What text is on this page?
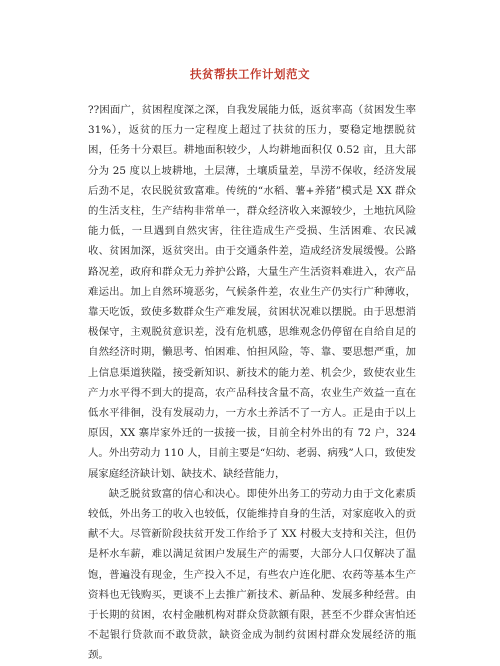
扶贫帮扶工作计划范文

??困面广，贫困程度深之深，自我发展能力低，返贫率高（贫困发生率 31%），返贫的压力一定程度上超过了扶贫的压力，要稳定地摆脱贫困，任务十分艰巨。耕地面积较少，人均耕地面积仅 0.52 亩，且大部分为 25 度以上坡耕地，土层薄，土壤质量差，旱涝不保收，经济发展后劲不足，农民脱贫致富难。传统的“水稻、薯+养猪”模式是 XX 群众的生活支柱，生产结构非常单一，群众经济收入来源较少，土地抗风险能力低，一旦遇到自然灾害，往往造成生产受损、生活困难、农民减收、贫困加深，返贫突出。由于交通条件差，造成经济发展缓慢。公路路况差，政府和群众无力养护公路，大量生产生活资料难进入，农产品难运出。加上自然环境恶劣，气候条件差，农业生产仍实行广种薄收，靠天吃饭，致使多数群众生产难发展，贫困状况难以摆脱。由于思想消极保守，主观脱贫意识差，没有危机感，思维观念仍停留在自给自足的自然经济时期，懒思考、怕困难、怕担风险，等、靠、要思想严重，加上信息渠道狭隘，接受新知识、新技术的能力差、机会少，致使农业生产力水平得不到大的提高，农产品科技含量不高，农业生产效益一直在低水平徘徊，没有发展动力，一方水土养活不了一方人。正是由于以上原因，XX 寨岸家外迁的一拔接一拔，目前全村外出的有 72 户，324 人。外出劳动力 110 人，目前主要是“妇幼、老弱、病残”人口，致使发展家庭经济缺计划、缺技术、缺经营能力，

缺乏脱贫致富的信心和决心。即使外出务工的劳动力由于文化素质较低，外出务工的收入也较低，仅能维持自身的生活，对家庭收入的贡献不大。尽管新阶段扶贫开发工作给予了 XX 村极大支持和关注，但仍是杯水车薪，难以满足贫困户发展生产的需要，大部分人口仅解决了温饱，普遍没有现金，生产投入不足，有些农户连化肥、农药等基本生产资料也无钱购买，更谈不上去推广新技术、新品种、发展多种经营。由于长期的贫困，农村金融机构对群众贷款额有限，甚至不少群众害怕还不起银行贷款而不敢贷款，缺资金成为制约贫困村群众发展经济的瓶颈。
